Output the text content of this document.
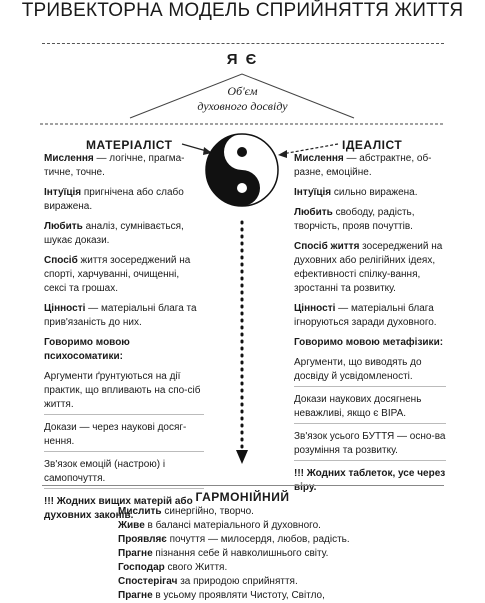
ТРИВЕКТОРНА МОДЕЛЬ СПРИЙНЯТТЯ ЖИТТЯ
Я Є
Об'єм
духовного досвіду
МАТЕРІАЛІСТ	ІДЕАЛІСТ

Мислення — логічне, прагма-тичне, точне.

Інтуїція пригнічена або слабо виражена.

Любить аналіз, сумнівається, шукає докази.

Спосіб життя зосереджений на спорті, харчуванні, очищенні, сексі та грошах.

Цінності — матеріальні блага та прив'язаність до них.

Говоримо мовою психосоматики:

Аргументи ґрунтуються на дії практик, що впливають на спо-сіб життя.

Докази — через наукові досяг-нення.

Зв'язок емоцій (настрою) і самопочуття.

!!! Жодних вищих матерій або духовних законів.

Мислення — абстрактне, об-разне, емоційне.

Інтуїція сильно виражена.

Любить свободу, радість, творчість, прояв почуттів.

Спосіб життя зосереджений на духовних або релігійних ідеях, ефективності спілку-вання, зростанні та розвитку.

Цінності — матеріальні блага ігноруються заради духовного.

Говоримо мовою метафізики:

Аргументи, що виводять до досвіду й усвідомленості.

Докази наукових досягнень неважливі, якщо є ВІРА.

Зв'язок усього БУТТЯ — осно-ва розуміння та розвитку.

!!! Жодних таблеток, усе через віру.

ГАРМОНІЙНИЙ
Мислить синергійно, творчо.
Живе в балансі матеріального й духовного.
Проявляє почуття — милосердя, любов, радість.
Прагне пізнання себе й навколишнього світу.
Господар свого Життя.
Спостерігач за природою сприйняття.
Прагне в усьому проявляти Чистоту, Світло,
